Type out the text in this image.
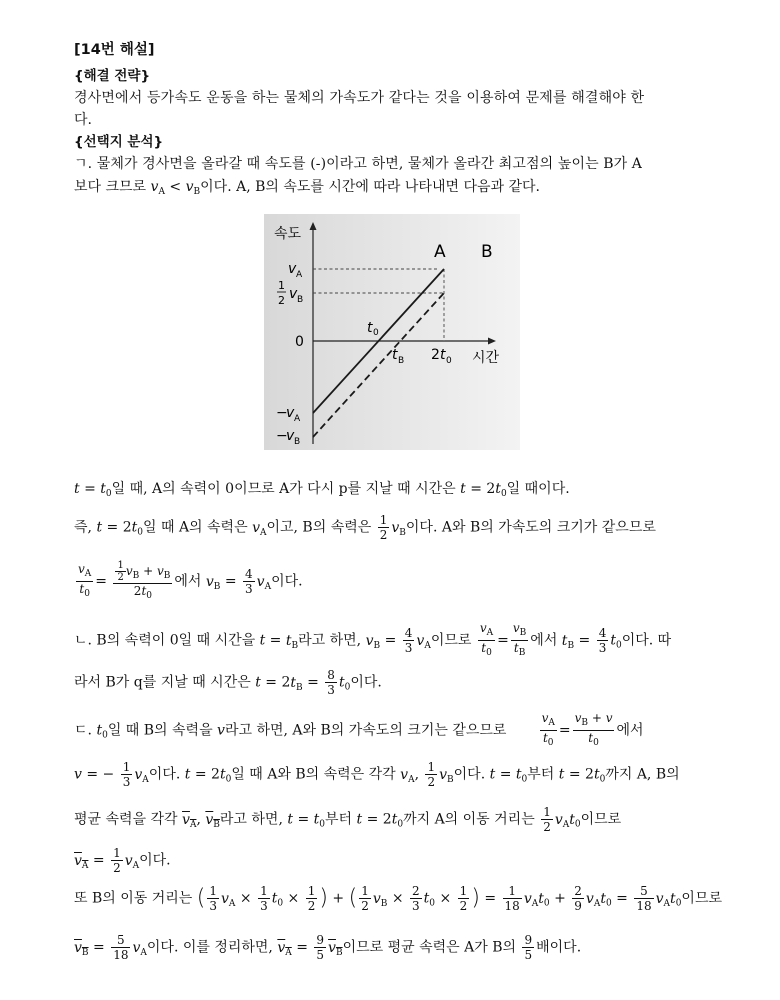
[14번 해설]
{해결 전략}
경사면에서 등가속도 운동을 하는 물체의 가속도가 같다는 것을 이용하여 문제를 해결해야 한
다.
{선택지 분석}
ㄱ. 물체가 경사면을 올라갈 때 속도를 (-)이라고 하면, 물체가 올라간 최고점의 높이는 B가 A
보다 크므로 $v_A < v_B$이다. A, B의 속도를 시간에 따라 나타내면 다음과 같다.
속도
시간
A B
v A
1
2 v B
0
−
v A
−
v B
t 0
t B 2 t 0
$t = t_0$일 때, A의 속력이 0이므로 A가 다시 p를 지날 때 시간은 $t = 2t_0$일 때이다.
즉, $t = 2t_0$일 때 A의 속력은 $v_A$이고, B의 속력은 $\frac{1}{2} v_B$이다. A와 B의 가속도의 크기가 같으므로
$\frac{v_A}{t_0} = \frac{\frac{1}{2} v_B + v_B}{2t_0}$ 에서 $v_B = \frac{4}{3} v_A$이다.
ㄴ. B의 속력이 0일 때 시간을 $t = t_B$라고 하면, $v_B = \frac{4}{3} v_A$이므로 $\frac{v_A}{t_0} = \frac{v_B}{t_B}$ 에서 $t_B = \frac{4}{3} t_0$이다. 따
라서 B가 q를 지날 때 시간은 $t = 2t_B = \frac{8}{3} t_0$이다.
ㄷ. $t_0$일 때 B의 속력을 v라고 하면, A와 B의 가속도의 크기는 같으므로	$\frac{v_A}{t_0} = \frac{v_B + v}{t_0}$ 에서
v = − $\frac{1}{3} v_A$이다. $t = 2t_0$일 때 A와 B의 속력은 각각 $v_A$, $\frac{1}{2} v_B$이다. $t = t_0$부터 $t = 2t_0$까지 A, B의
평균 속력을 각각 $v_A$, $v_B$라고 하면, $t = t_0$부터 $t = 2t_0$까지 A의 이동 거리는 $\frac{1}{2} v_At_0$이므로
$v_A = \frac{1}{2} v_A$이다.
또 B의 이동 거리는 ( $\frac{1}{3} v_A \times \frac{1}{3} t_0 \times \frac{1}{2}$ ) + ( $\frac{1}{2} v_B \times \frac{2}{3} t_0 \times \frac{1}{2}$ ) = $\frac{1}{18} v_At_0 + \frac{2}{9} v_At_0 = \frac{5}{18} v_At_0$이므로
$v_B = \frac{5}{18} v_A$이다. 이를 정리하면, $v_A = \frac{9}{5} v_B$이므로 평균 속력은 A가 B의 $\frac{9}{5}$ 배이다.
